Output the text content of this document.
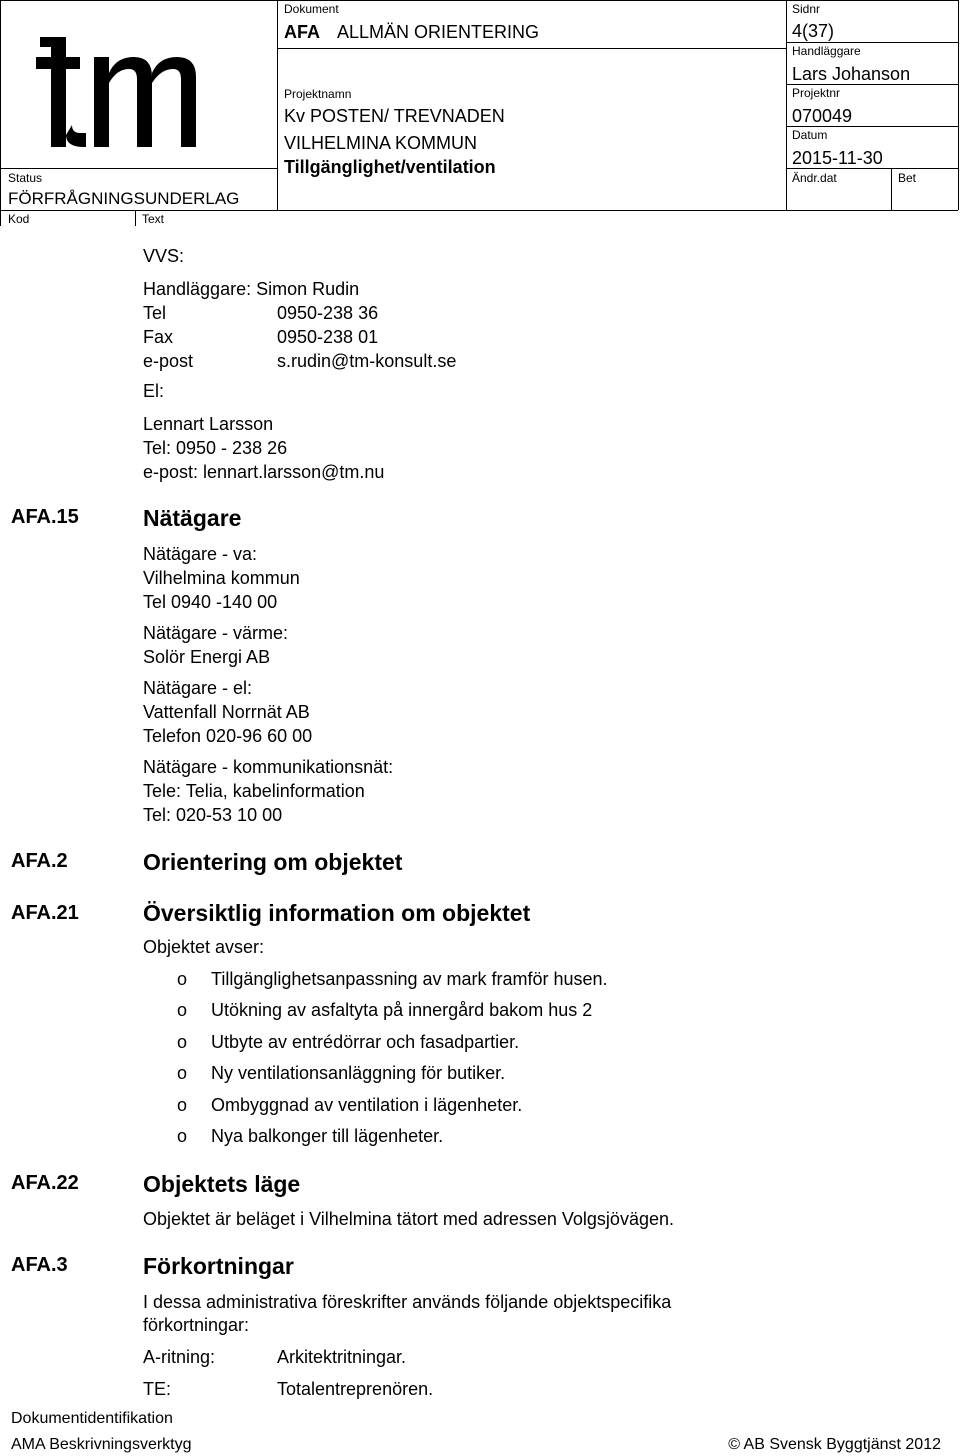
Status
FÖRFRÅGNINGSUNDERLAG
Kod	Text
Dokument
AFA ALLMÄN ORIENTERING
Projektnamn
Kv POSTEN/ TREVNADEN
VILHELMINA KOMMUN
Tillgänglighet/ventilation
Sidnr
4(37)
Handläggare
Lars Johanson
Projektnr
070049
Datum
2015-11-30
Ändr.dat	Bet
VVS:
Handläggare: Simon Rudin
Tel	0950-238 36
Fax	0950-238 01
e-post	s.rudin@tm-konsult.se
El:
Lennart Larsson
Tel: 0950 - 238 26
e-post: lennart.larsson@tm.nu
AFA.15	Nätägare
Nätägare - va:
Vilhelmina kommun
Tel 0940 -140 00
Nätägare - värme:
Solör Energi AB
Nätägare - el:
Vattenfall Norrnät AB
Telefon 020-96 60 00
Nätägare - kommunikationsnät:
Tele: Telia, kabelinformation
Tel: 020-53 10 00
AFA.2	Orientering om objektet
AFA.21	Översiktlig information om objektet
Objektet avser:
o Tillgänglighetsanpassning av mark framför husen.
o Utökning av asfaltyta på innergård bakom hus 2
o Utbyte av entrédörrar och fasadpartier.
o Ny ventilationsanläggning för butiker.
o Ombyggnad av ventilation i lägenheter.
o Nya balkonger till lägenheter.
AFA.22	Objektets läge
Objektet är beläget i Vilhelmina tätort med adressen Volgsjövägen.
AFA.3	Förkortningar
I dessa administrativa föreskrifter används följande objektspecifika
förkortningar:
A-ritning:	Arkitektritningar.
TE:	Totalentreprenören.
Dokumentidentifikation
AMA Beskrivningsverktyg	© AB Svensk Byggtjänst 2012
